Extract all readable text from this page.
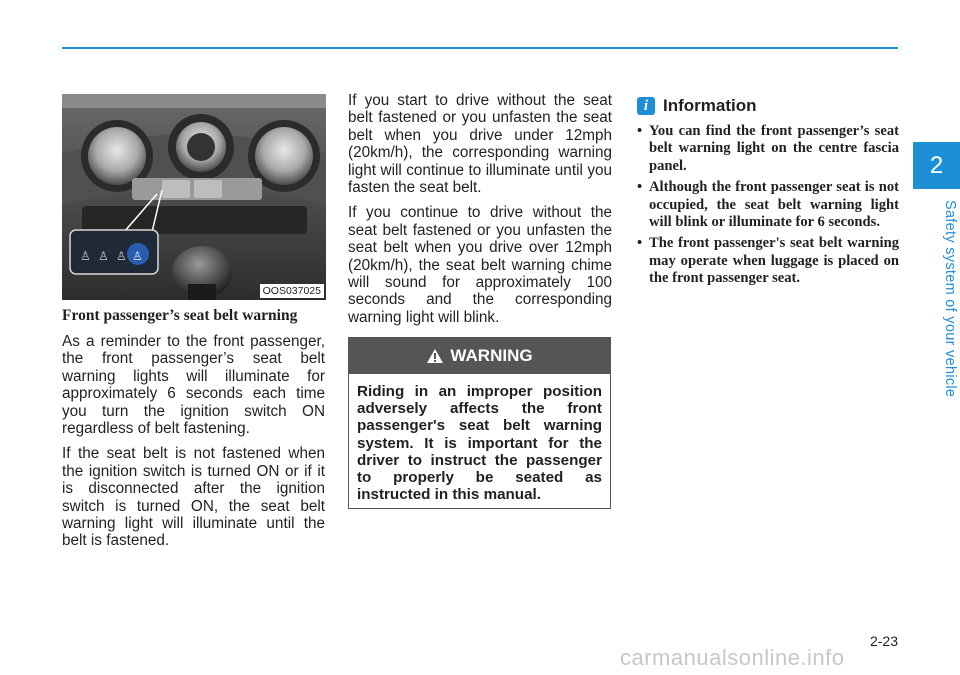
2
Safety system of your vehicle
♙ ♙ ♙ ♙
OOS037025
Front passenger’s seat belt warning

As a reminder to the front passenger, the front passenger’s seat belt warning lights will illuminate for approximately 6 seconds each time you turn the ignition switch ON regardless of belt fastening.

If the seat belt is not fastened when the ignition switch is turned ON or if it is disconnected after the ignition switch is turned ON, the seat belt warning light will illuminate until the belt is fastened.

If you start to drive without the seat belt fastened or you unfasten the seat belt when you drive under 12mph (20km/h), the corresponding warning light will continue to illuminate until you fasten the seat belt.

If you continue to drive without the seat belt fastened or you unfasten the seat belt when you drive over 12mph (20km/h), the seat belt warning chime will sound for approximately 100 seconds and the corresponding warning light will blink.

WARNING
Riding in an improper position adversely affects the front passenger's seat belt warning system. It is important for the driver to instruct the passenger to properly be seated as instructed in this manual.
i Information
• You can find the front passenger’s seat belt warning light on the centre fascia panel.
• Although the front passenger seat is not occupied, the seat belt warning light will blink or illuminate for 6 seconds.
• The front passenger's seat belt warning may operate when luggage is placed on the front passenger seat.
2-23
carmanualsonline.info
